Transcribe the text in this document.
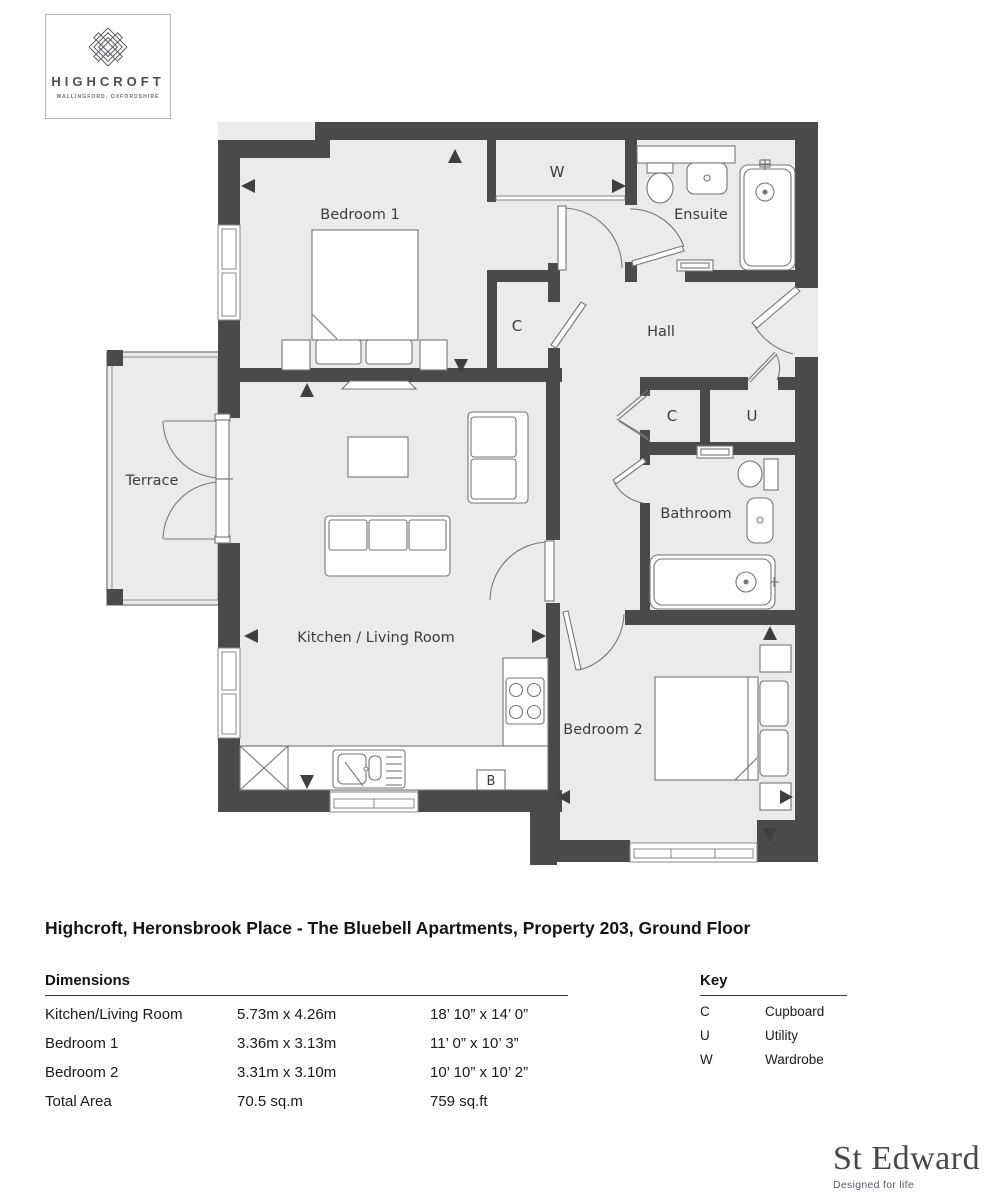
HIGHCROFT
WALLINGFORD, OXFORDSHIRE
Bedroom 1
W
Ensuite
Hall
C
C	U
Bathroom
Terrace
Kitchen / Living Room
Bedroom 2
B
Highcroft, Heronsbrook Place - The Bluebell Apartments, Property 203, Ground Floor
Dimensions
Kitchen/Living Room	5.73m x 4.26m	18’ 10” x 14’ 0”
Bedroom 1	3.36m x 3.13m	11’ 0” x 10’ 3”
Bedroom 2	3.31m x 3.10m	10’ 10” x 10’ 2”
Total Area	70.5 sq.m	759 sq.ft
Key
C	Cupboard
U	Utility
W	Wardrobe
St Edward
Designed for life
